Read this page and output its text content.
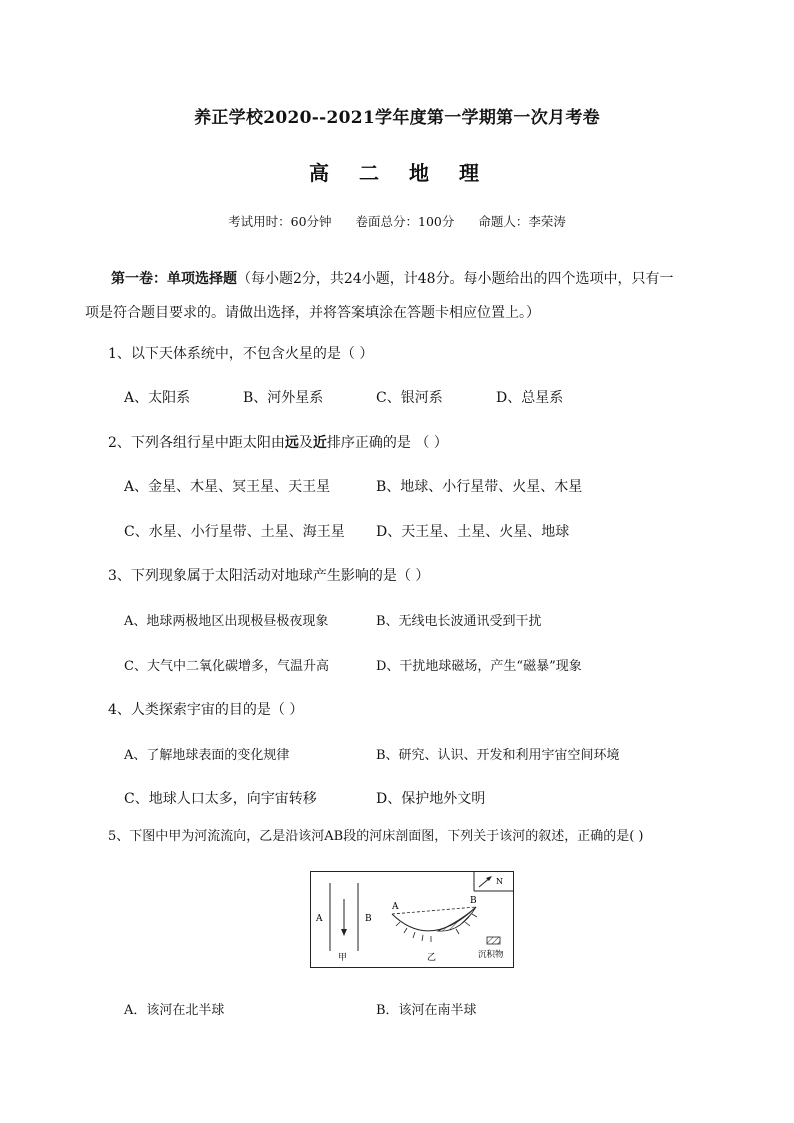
养正学校2020--2021学年度第一学期第一次月考卷
高 二 地 理
考试用时：60分钟 卷面总分：100分 命题人：李荣涛
第一卷：单项选择题（每小题2分，共24小题，计48分。每小题给出的四个选项中，只有一
项是符合题目要求的。请做出选择，并将答案填涂在答题卡相应位置上。）
1、以下天体系统中，不包含火星的是（ ）
A、太阳系	B、河外星系	C、银河系	D、总星系
2、下列各组行星中距太阳由远及近排序正确的是 （ ）
A、金星、木星、冥王星、天王星	B、地球、小行星带、火星、木星
C、水星、小行星带、土星、海王星 D、天王星、土星、火星、地球
3、下列现象属于太阳活动对地球产生影响的是（ ）
A、地球两极地区出现极昼极夜现象	B、无线电长波通讯受到干扰
C、大气中二氧化碳增多，气温升高	D、干扰地球磁场，产生“磁暴”现象
4、人类探索宇宙的目的是（ ）
A、了解地球表面的变化规律	B、研究、认识、开发和利用宇宙空间环境
C、地球人口太多，向宇宙转移	D、保护地外文明
5、下图中甲为河流流向，乙是沿该河AB段的河床剖面图，下列关于该河的叙述，正确的是( )
A	B
甲
A
B
乙
N
沉积物
A．该河在北半球	B．该河在南半球
